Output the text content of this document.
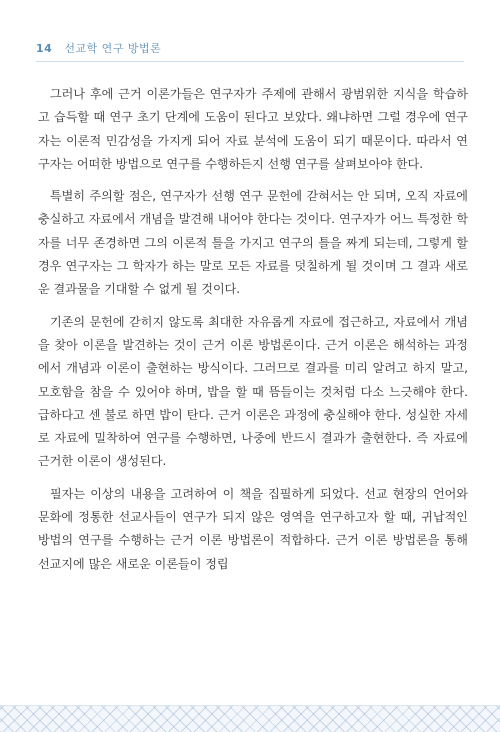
14 선교학 연구 방법론

그러나 후에 근거 이론가들은 연구자가 주제에 관해서 광범위한 지식을 학습하고 습득할 때 연구 초기 단계에 도움이 된다고 보았다. 왜냐하면 그럴 경우에 연구자는 이론적 민감성을 가지게 되어 자료 분석에 도움이 되기 때문이다. 따라서 연구자는 어떠한 방법으로 연구를 수행하든지 선행 연구를 살펴보아야 한다.

특별히 주의할 점은, 연구자가 선행 연구 문헌에 갇혀서는 안 되며, 오직 자료에 충실하고 자료에서 개념을 발견해 내어야 한다는 것이다. 연구자가 어느 특정한 학자를 너무 존경하면 그의 이론적 틀을 가지고 연구의 틀을 짜게 되는데, 그렇게 할 경우 연구자는 그 학자가 하는 말로 모든 자료를 덧칠하게 될 것이며 그 결과 새로운 결과물을 기대할 수 없게 될 것이다.

기존의 문헌에 갇히지 않도록 최대한 자유롭게 자료에 접근하고, 자료에서 개념을 찾아 이론을 발견하는 것이 근거 이론 방법론이다. 근거 이론은 해석하는 과정에서 개념과 이론이 출현하는 방식이다. 그러므로 결과를 미리 알려고 하지 말고, 모호함을 참을 수 있어야 하며, 밥을 할 때 뜸들이는 것처럼 다소 느긋해야 한다. 급하다고 센 불로 하면 밥이 탄다. 근거 이론은 과정에 충실해야 한다. 성실한 자세로 자료에 밀착하여 연구를 수행하면, 나중에 반드시 결과가 출현한다. 즉 자료에 근거한 이론이 생성된다.

필자는 이상의 내용을 고려하여 이 책을 집필하게 되었다. 선교 현장의 언어와 문화에 정통한 선교사들이 연구가 되지 않은 영역을 연구하고자 할 때, 귀납적인 방법의 연구를 수행하는 근거 이론 방법론이 적합하다. 근거 이론 방법론을 통해 선교지에 많은 새로운 이론들이 정립
